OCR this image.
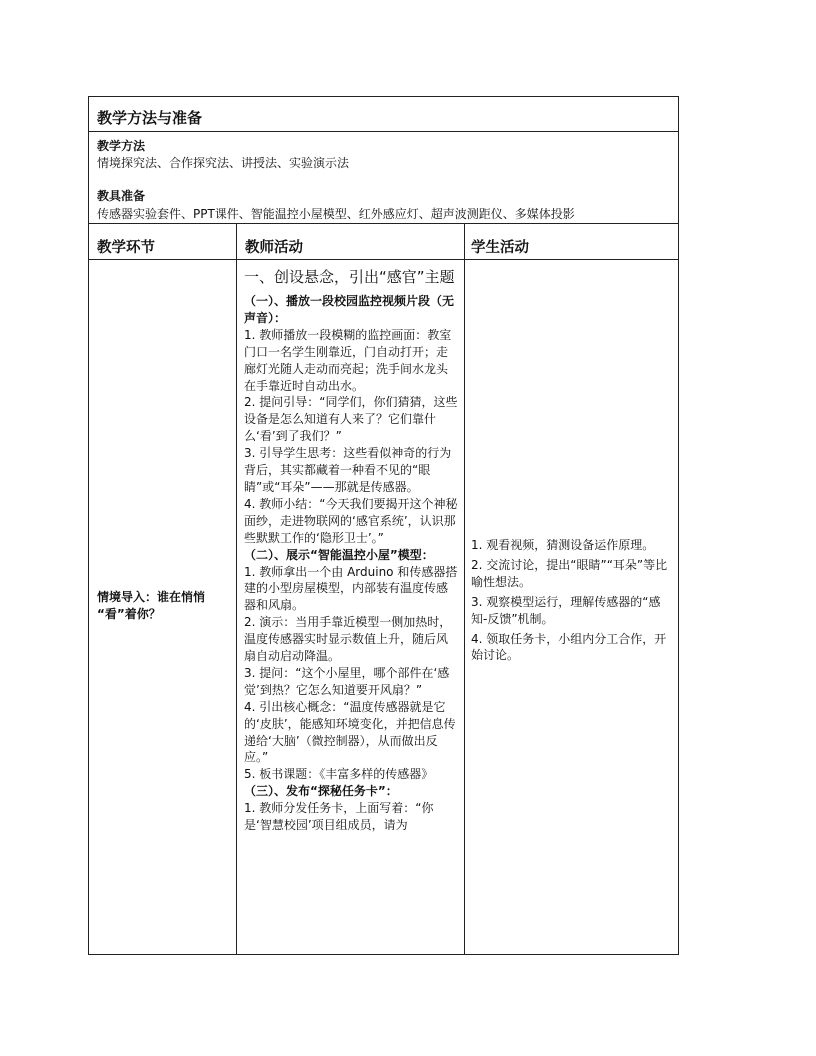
教学方法与准备
教学方法
情境探究法、合作探究法、讲授法、实验演示法
教具准备
传感器实验套件、PPT课件、智能温控小屋模型、红外感应灯、超声波测距仪、多媒体投影
教学环节	教师活动	学生活动

情境导入：谁在悄悄

“看”着你？

一、创设悬念，引出“感官”主题

（一）、播放一段校园监控视频片段（无声音）：

1. 教师播放一段模糊的监控画面：教室门口一名学生刚靠近，门自动打开；走廊灯光随人走动而亮起；洗手间水龙头在手靠近时自动出水。

2. 提问引导：“同学们，你们猜猜，这些设备是怎么知道有人来了？它们靠什么‘看’到了我们？”

3. 引导学生思考：这些看似神奇的行为背后，其实都藏着一种看不见的“眼睛”或“耳朵”——那就是传感器。

4. 教师小结：“今天我们要揭开这个神秘面纱，走进物联网的‘感官系统’，认识那些默默工作的‘隐形卫士’。”

（二）、展示“智能温控小屋”模型：

1. 教师拿出一个由 Arduino 和传感器搭建的小型房屋模型，内部装有温度传感器和风扇。

2. 演示：当用手靠近模型一侧加热时，温度传感器实时显示数值上升，随后风扇自动启动降温。

3. 提问：“这个小屋里，哪个部件在‘感觉’到热？它怎么知道要开风扇？”

4. 引出核心概念：“温度传感器就是它的‘皮肤’，能感知环境变化，并把信息传递给‘大脑’（微控制器），从而做出反应。”

5. 板书课题：《丰富多样的传感器》

（三）、发布“探秘任务卡”：

1. 教师分发任务卡，上面写着：“你是‘智慧校园’项目组成员，请为

1. 观看视频，猜测设备运作原理。

2. 交流讨论，提出“眼睛”“耳朵”等比喻性想法。

3. 观察模型运行，理解传感器的“感知-反馈”机制。

4. 领取任务卡，小组内分工合作，开始讨论。
